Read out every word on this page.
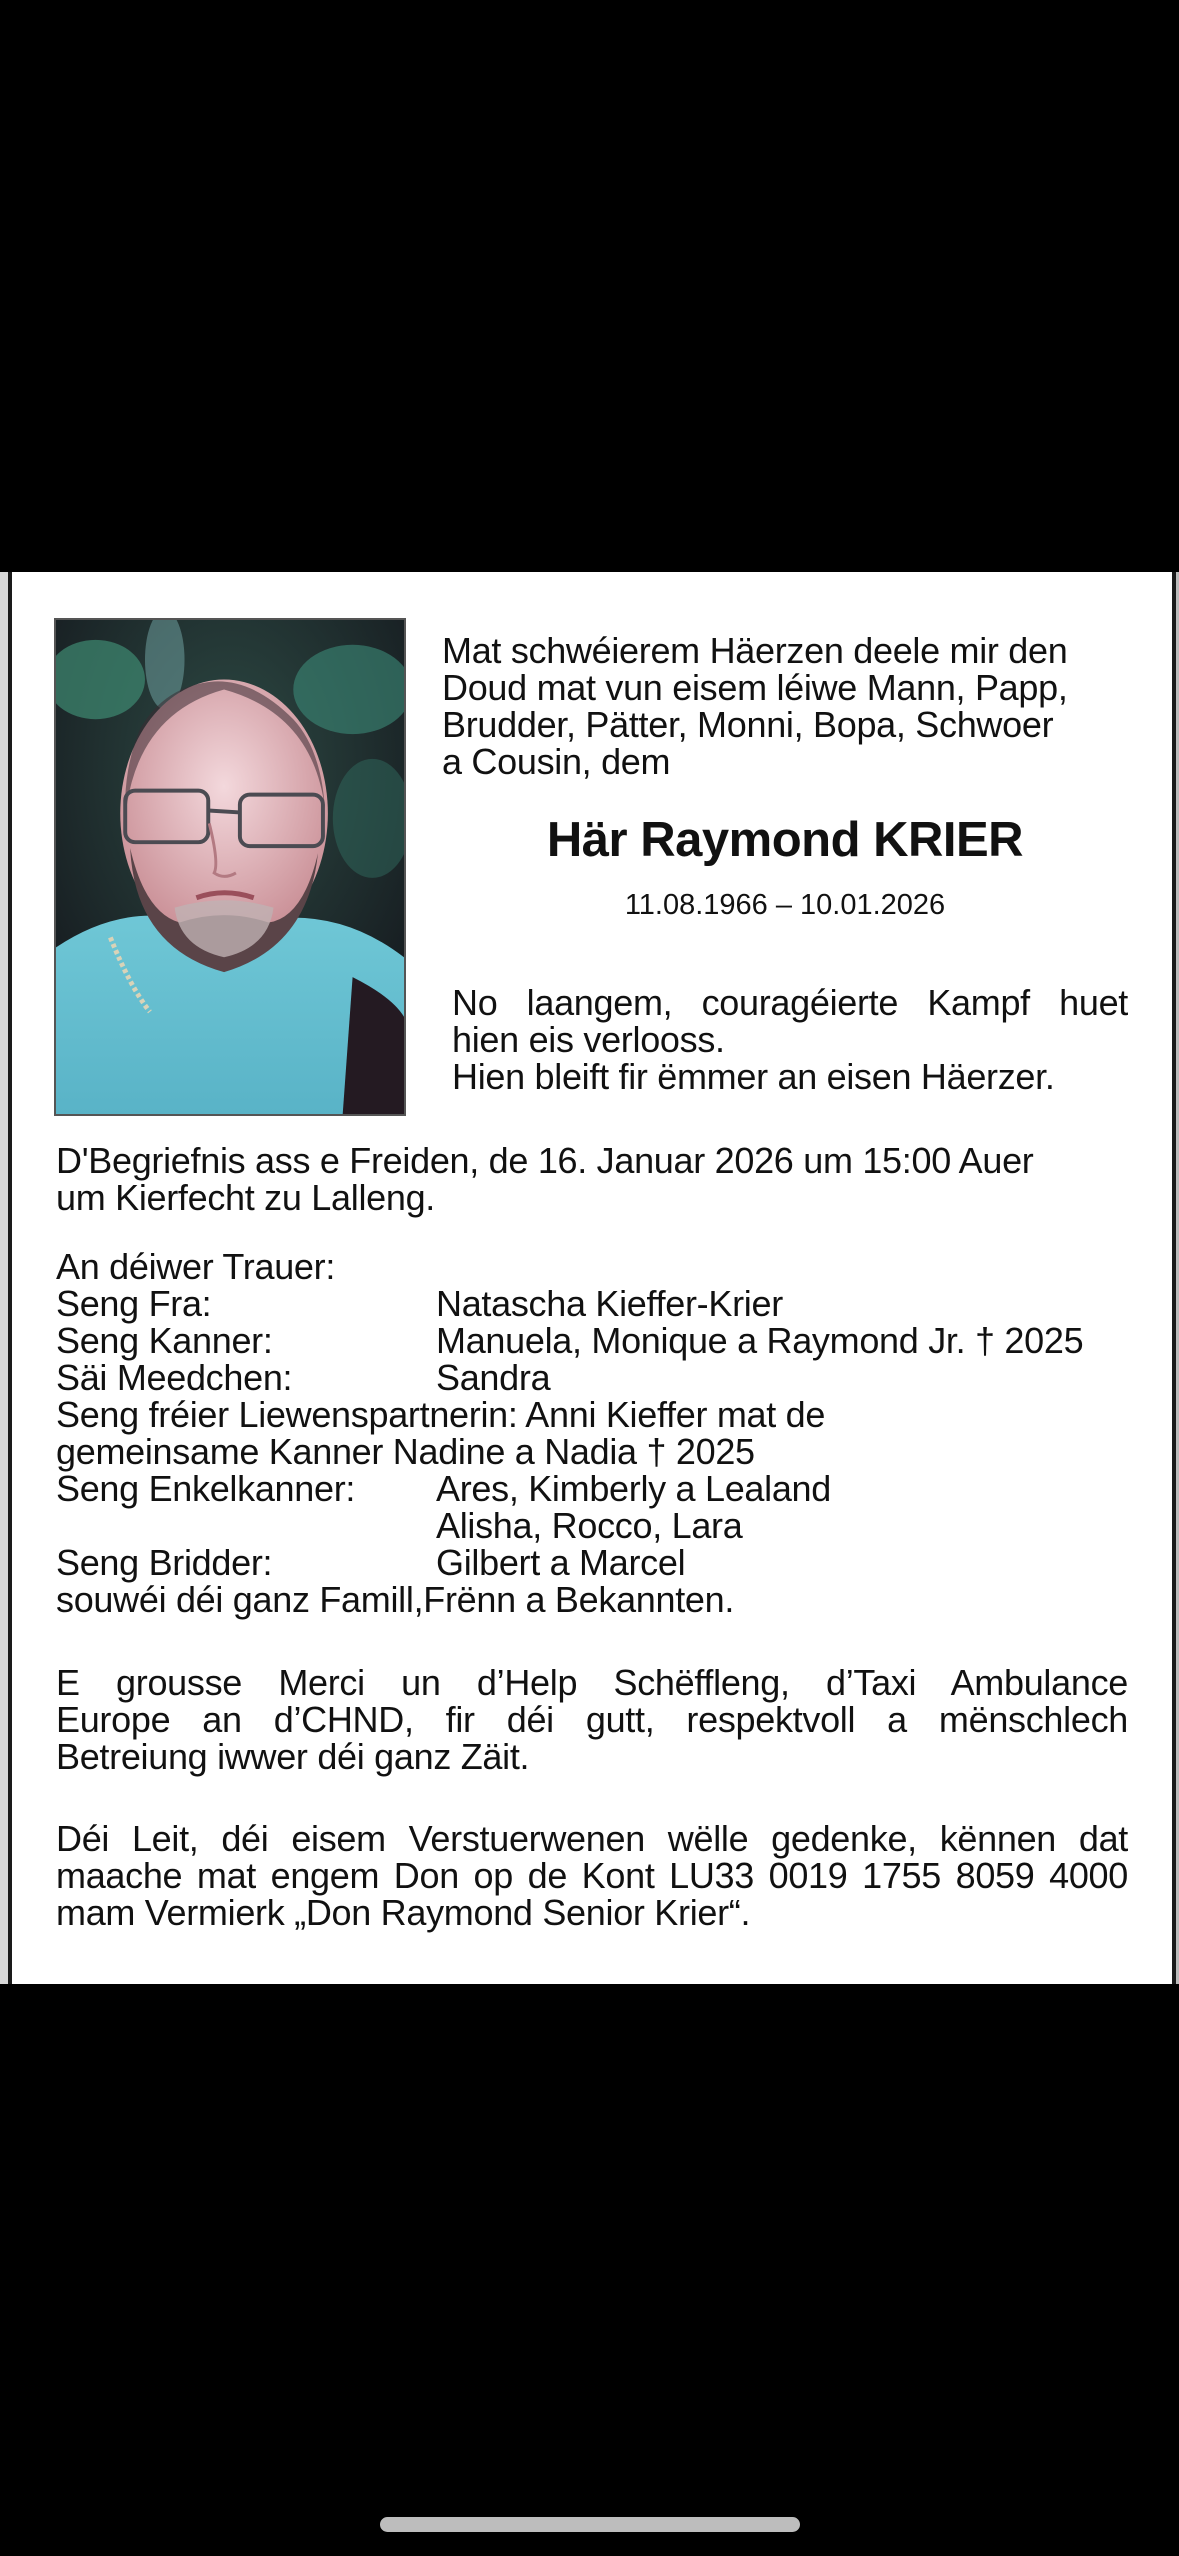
Mat schwéierem Häerzen deele mir den
Doud mat vun eisem léiwe Mann, Papp,
Brudder, Pätter, Monni, Bopa, Schwoer
a Cousin, dem
Här Raymond KRIER
11.08.1966 – 10.01.2026
No laangem, couragéierte Kampf huet
hien eis verlooss.
Hien bleift fir ëmmer an eisen Häerzer.
D'Begriefnis ass e Freiden, de 16. Januar 2026 um 15:00 Auer
um Kierfecht zu Lalleng.
An déiwer Trauer:
Seng Fra:	Natascha Kieffer-Krier
Seng Kanner:	Manuela, Monique a Raymond Jr. † 2025
Säi Meedchen:	Sandra
Seng fréier Liewenspartnerin: Anni Kieffer mat de
gemeinsame Kanner Nadine a Nadia † 2025
Seng Enkelkanner: Ares, Kimberly a Lealand
Alisha, Rocco, Lara
Seng Bridder:	Gilbert a Marcel
souwéi déi ganz Famill,Frënn a Bekannten.
E grousse Merci un d’Help Schëffleng, d’Taxi Ambulance
Europe an d’CHND, fir déi gutt, respektvoll a mënschlech
Betreiung iwwer déi ganz Zäit.
Déi Leit, déi eisem Verstuerwenen wëlle gedenke, kënnen dat
maache mat engem Don op de Kont LU33 0019 1755 8059 4000
mam Vermierk „Don Raymond Senior Krier“.
